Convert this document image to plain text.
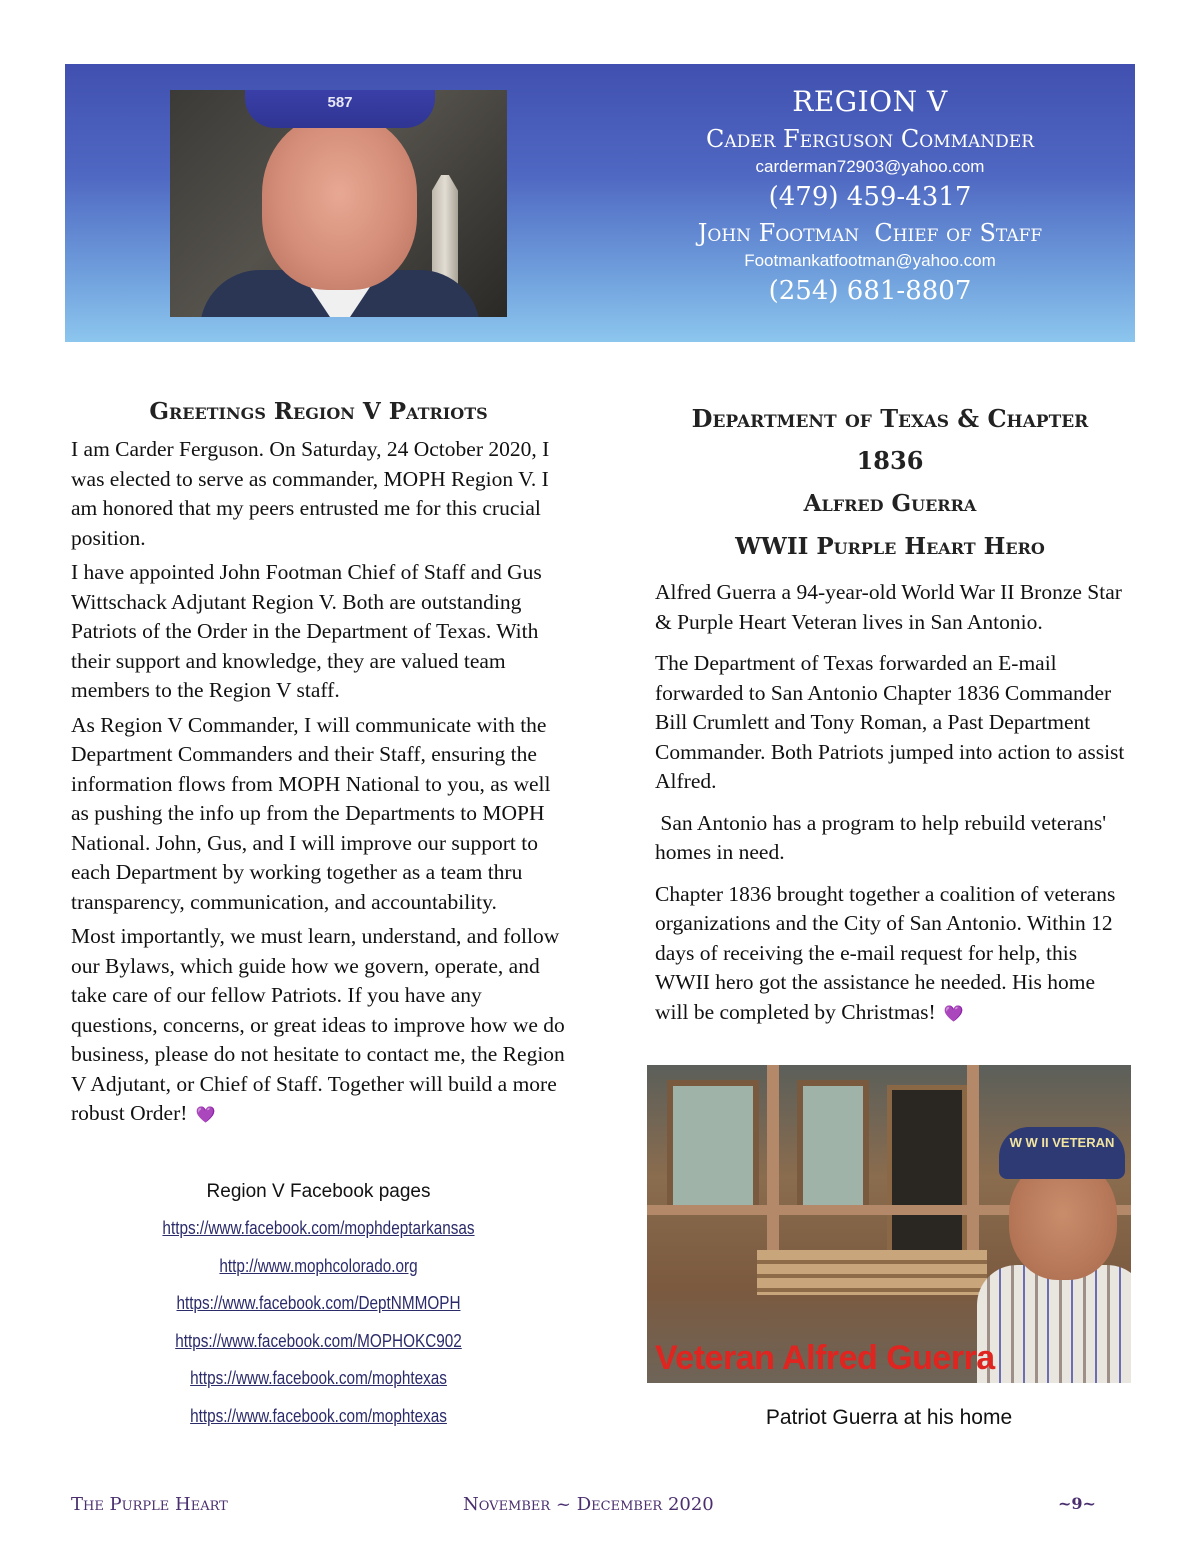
587	REGION V
Cader Ferguson Commander
carderman72903@yahoo.com
(479) 459-4317
John Footman  Chief of Staff
Footmankatfootman@yahoo.com
(254) 681-8807
Greetings Region V Patriots

I am Carder Ferguson. On Saturday, 24 October 2020, I was elected to serve as commander, MOPH Region V. I am honored that my peers entrusted me for this crucial position.

I have appointed John Footman Chief of Staff and Gus Wittschack Adjutant Region V. Both are outstanding Patriots of the Order in the Department of Texas. With their support and knowledge, they are valued team members to the Region V staff.

As Region V Commander, I will communicate with the Department Commanders and their Staff, ensuring the information flows from MOPH National to you, as well as pushing the info up from the Departments to MOPH National. John, Gus, and I will improve our support to each Department by working together as a team thru transparency, communication, and accountability.

Most importantly, we must learn, understand, and follow our Bylaws, which guide how we govern, operate, and take care of our fellow Patriots. If you have any questions, concerns, or great ideas to improve how we do business, please do not hesitate to contact me, the Region V Adjutant, or Chief of Staff. Together will build a more robust Order! 💜

Region V Facebook pages
https://www.facebook.com/mophdeptarkansas
http://www.mophcolorado.org
https://www.facebook.com/DeptNMMOPH
https://www.facebook.com/MOPHOKC902
https://www.facebook.com/mophtexas
https://www.facebook.com/mophtexas
Department of Texas & Chapter 1836
Alfred Guerra
WWII Purple Heart Hero

Alfred Guerra a 94-year-old World War II Bronze Star & Purple Heart Veteran lives in San Antonio.

The Department of Texas forwarded an E-mail forwarded to San Antonio Chapter 1836 Commander Bill Crumlett and Tony Roman, a Past Department Commander. Both Patriots jumped into action to assist Alfred.

San Antonio has a program to help rebuild veterans' homes in need.

Chapter 1836 brought together a coalition of veterans organizations and the City of San Antonio. Within 12 days of receiving the e-mail request for help, this WWII hero got the assistance he needed. His home will be completed by Christmas! 💜

W W II VETERAN
Veteran Alfred Guerra
Patriot Guerra at his home
The Purple Heart	November ~ December 2020	~9~
